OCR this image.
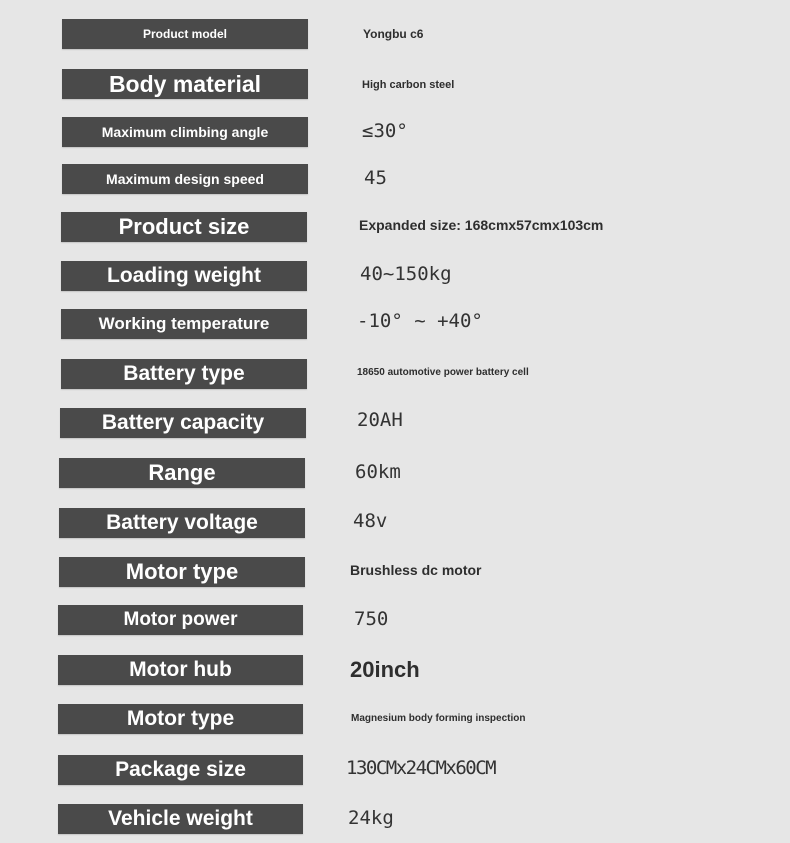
Product model	Yongbu c6
Body material	High carbon steel
Maximum climbing angle	≤30°
Maximum design speed	45
Product size	Expanded size: 168cmx57cmx103cm
Loading weight	40~150kg
Working temperature	-10° ~ +40°
Battery type	18650 automotive power battery cell
Battery capacity	20AH
Range	60km
Battery voltage	48v
Motor type	Brushless dc motor
Motor power	750
Motor hub	20inch
Motor type	Magnesium body forming inspection
Package size	130CMx24CMx60CM
Vehicle weight	24kg
